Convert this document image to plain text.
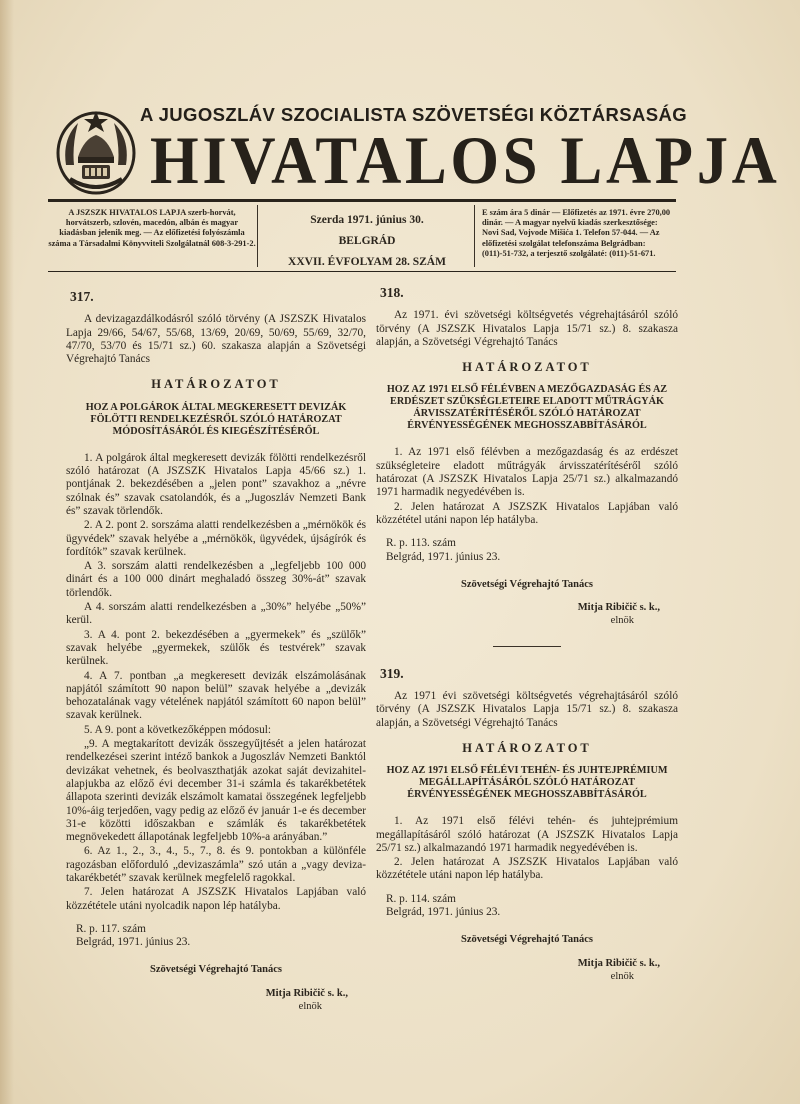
A JUGOSZLÁV SZOCIALISTA SZÖVETSÉGI KÖZTÁRSASÁG
HIVATALOS LAPJA
A JSZSZK HIVATALOS LAPJA szerb-horvát, horvátszerb, szlovén, macedón, albán és magyar kiadásban jelenik meg. — Az előfizetési folyószámla száma a Társadalmi Könyvviteli Szolgálatnál 608-3-291-2.
Szerda 1971. június 30.
BELGRÁD
XXVII. ÉVFOLYAM 28. SZÁM
E szám ára 5 dinár — Előfizetés az 1971. évre 270,00 dinár. — A magyar nyelvű kiadás szerkesztősége: Novi Sad, Vojvode Mišića 1. Telefon 57-044. — Az előfizetési szolgálat telefonszáma Belgrádban: (011)-51-732, a terjesztő szolgálaté: (011)-51-671.
317.

A devizagazdálkodásról szóló törvény (A JSZSZK Hivatalos Lapja 29/66, 54/67, 55/68, 13/69, 20/69, 50/69, 55/69, 32/70, 47/70, 53/70 és 15/71 sz.) 60. szakasza alapján a Szövetségi Végrehajtó Tanács

HATÁROZATOT
HOZ A POLGÁROK ÁLTAL MEGKERESETT DEVIZÁK FÖLÖTTI RENDELKEZÉSRŐL SZÓLÓ HATÁROZAT MÓDOSÍTÁSÁRÓL ÉS KIEGÉSZÍTÉSÉRŐL

1. A polgárok által megkeresett devizák fölötti rendelkezésről szóló határozat (A JSZSZK Hivatalos Lapja 45/66 sz.) 1. pontjának 2. bekezdésében a „jelen pont” szavakhoz a „névre szólnak és” szavak csatolandók, és a „Jugoszláv Nemzeti Bank és” szavak törlendők.

2. A 2. pont 2. sorszáma alatti rendelkezésben a „mérnökök és ügyvédek” szavak helyébe a „mérnökök, ügyvédek, újságírók és fordítók” szavak kerülnek.

A 3. sorszám alatti rendelkezésben a „legfeljebb 100 000 dinárt és a 100 000 dinárt meghaladó összeg 30%-át” szavak törlendők.

A 4. sorszám alatti rendelkezésben a „30%” helyébe „50%” kerül.

3. A 4. pont 2. bekezdésében a „gyermekek” és „szülők” szavak helyébe „gyermekek, szülők és testvérek” szavak kerülnek.

4. A 7. pontban „a megkeresett devizák elszámolásának napjától számított 90 napon belül” szavak helyébe a „devizák behozatalának vagy vételének napjától számított 60 napon belül” szavak kerülnek.

5. A 9. pont a következőképpen módosul:

„9. A megtakarított devizák összegyűjtését a jelen határozat rendelkezései szerint intéző bankok a Jugoszláv Nemzeti Banktól devizákat vehetnek, és beolvaszthatják azokat saját devizahitel-alapjukba az előző évi december 31-i számla és takarékbetétek állapota szerinti devizák elszámolt kamatai összegének legfeljebb 10%-áig terjedően, vagy pedig az előző év január 1-e és december 31-e közötti időszakban e számlák és takarékbetétek megnövekedett állapotának legfeljebb 10%-a arányában.”

6. Az 1., 2., 3., 4., 5., 7., 8. és 9. pontokban a különféle ragozásban előforduló „devizaszámla” szó után a „vagy deviza-takarékbetét” szavak kerülnek megfelelő ragokkal.

7. Jelen határozat A JSZSZK Hivatalos Lapjában való közzététele utáni nyolcadik napon lép hatályba.

R. p. 117. szám

Belgrád, 1971. június 23.

Szövetségi Végrehajtó Tanács

Mitja Ribičič s. k.,

elnök

318.

Az 1971. évi szövetségi költségvetés végrehajtásáról szóló törvény (A JSZSZK Hivatalos Lapja 15/71 sz.) 8. szakasza alapján, a Szövetségi Végrehajtó Tanács

HATÁROZATOT
HOZ AZ 1971 ELSŐ FÉLÉVBEN A MEZŐGAZDASÁG ÉS AZ ERDÉSZET SZÜKSÉGLETEIRE ELADOTT MŰTRÁGYÁK ÁRVISSZATÉRÍTÉSÉRŐL SZÓLÓ HATÁROZAT ÉRVÉNYESSÉGÉNEK MEGHOSSZABBÍTÁSÁRÓL

1. Az 1971 első félévben a mezőgazdaság és az erdészet szükségleteire eladott műtrágyák árvisszatérítéséről szóló határozat (A JSZSZK Hivatalos Lapja 25/71 sz.) alkalmazandó 1971 harmadik negyedévében is.

2. Jelen határozat A JSZSZK Hivatalos Lapjában való közzététel utáni napon lép hatályba.

R. p. 113. szám

Belgrád, 1971. június 23.

Szövetségi Végrehajtó Tanács

Mitja Ribičič s. k.,

elnök

319.

Az 1971 évi szövetségi költségvetés végrehajtásáról szóló törvény (A JSZSZK Hivatalos Lapja 15/71 sz.) 8. szakasza alapján, a Szövetségi Végrehajtó Tanács

HATÁROZATOT
HOZ AZ 1971 ELSŐ FÉLÉVI TEHÉN- ÉS JUHTEJPRÉMIUM MEGÁLLAPÍTÁSÁRÓL SZÓLÓ HATÁROZAT ÉRVÉNYESSÉGÉNEK MEGHOSSZABBÍTÁSÁRÓL

1. Az 1971 első félévi tehén- és juhtejprémium megállapításáról szóló határozat (A JSZSZK Hivatalos Lapja 25/71 sz.) alkalmazandó 1971 harmadik negyedévében is.

2. Jelen határozat A JSZSZK Hivatalos Lapjában való közzététele utáni napon lép hatályba.

R. p. 114. szám

Belgrád, 1971. június 23.

Szövetségi Végrehajtó Tanács

Mitja Ribičič s. k.,

elnök
